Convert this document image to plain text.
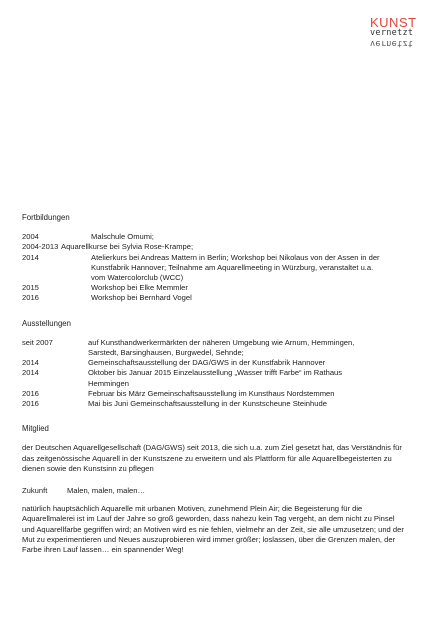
KUNST
vernetzt
vernetzt
Fortbildungen
2004	Malschule Omumi;
2004-2013 Aquarellkurse bei Sylvia Rose-Krampe;
2014	Atelierkurs bei Andreas Mattern in Berlin; Workshop bei Nikolaus von der Assen in der Kunstfabrik Hannover; Teilnahme am Aquarellmeeting in Würzburg, veranstaltet u.a. vom Watercolorclub (WCC)
2015	Workshop bei Elke Memmler
2016	Workshop bei Bernhard Vogel
Ausstellungen
seit 2007	auf Kunsthandwerkermärkten der näheren Umgebung wie Arnum, Hemmingen, Sarstedt, Barsinghausen, Burgwedel, Sehnde;
2014	Gemeinschaftsausstellung der DAG/GWS in der Kunstfabrik Hannover
2014	Oktober bis Januar 2015 Einzelausstellung „Wasser trifft Farbe“ im Rathaus Hemmingen
2016	Februar bis März Gemeinschaftsausstellung im Kunsthaus Nordstemmen
2016	Mai bis Juni Gemeinschaftsausstellung in der Kunstscheune Steinhude
Mitglied

der Deutschen Aquarellgesellschaft (DAG/GWS) seit 2013, die sich u.a. zum Ziel gesetzt hat, das Verständnis für das zeitgenössische Aquarell in der Kunstszene zu erweitern und als Plattform für alle Aquarellbegeisterten zu dienen sowie den Kunstsinn zu pflegen

Zukunft	Malen, malen, malen…

natürlich hauptsächlich Aquarelle mit urbanen Motiven, zunehmend Plein Air; die Begeisterung für die Aquarellmalerei ist im Lauf der Jahre so groß geworden, dass nahezu kein Tag vergeht, an dem nicht zu Pinsel und Aquarellfarbe gegriffen wird; an Motiven wird es nie fehlen, vielmehr an der Zeit, sie alle umzusetzen; und der Mut zu experimentieren und Neues auszuprobieren wird immer größer; loslassen, über die Grenzen malen, der Farbe ihren Lauf lassen… ein spannender Weg!
